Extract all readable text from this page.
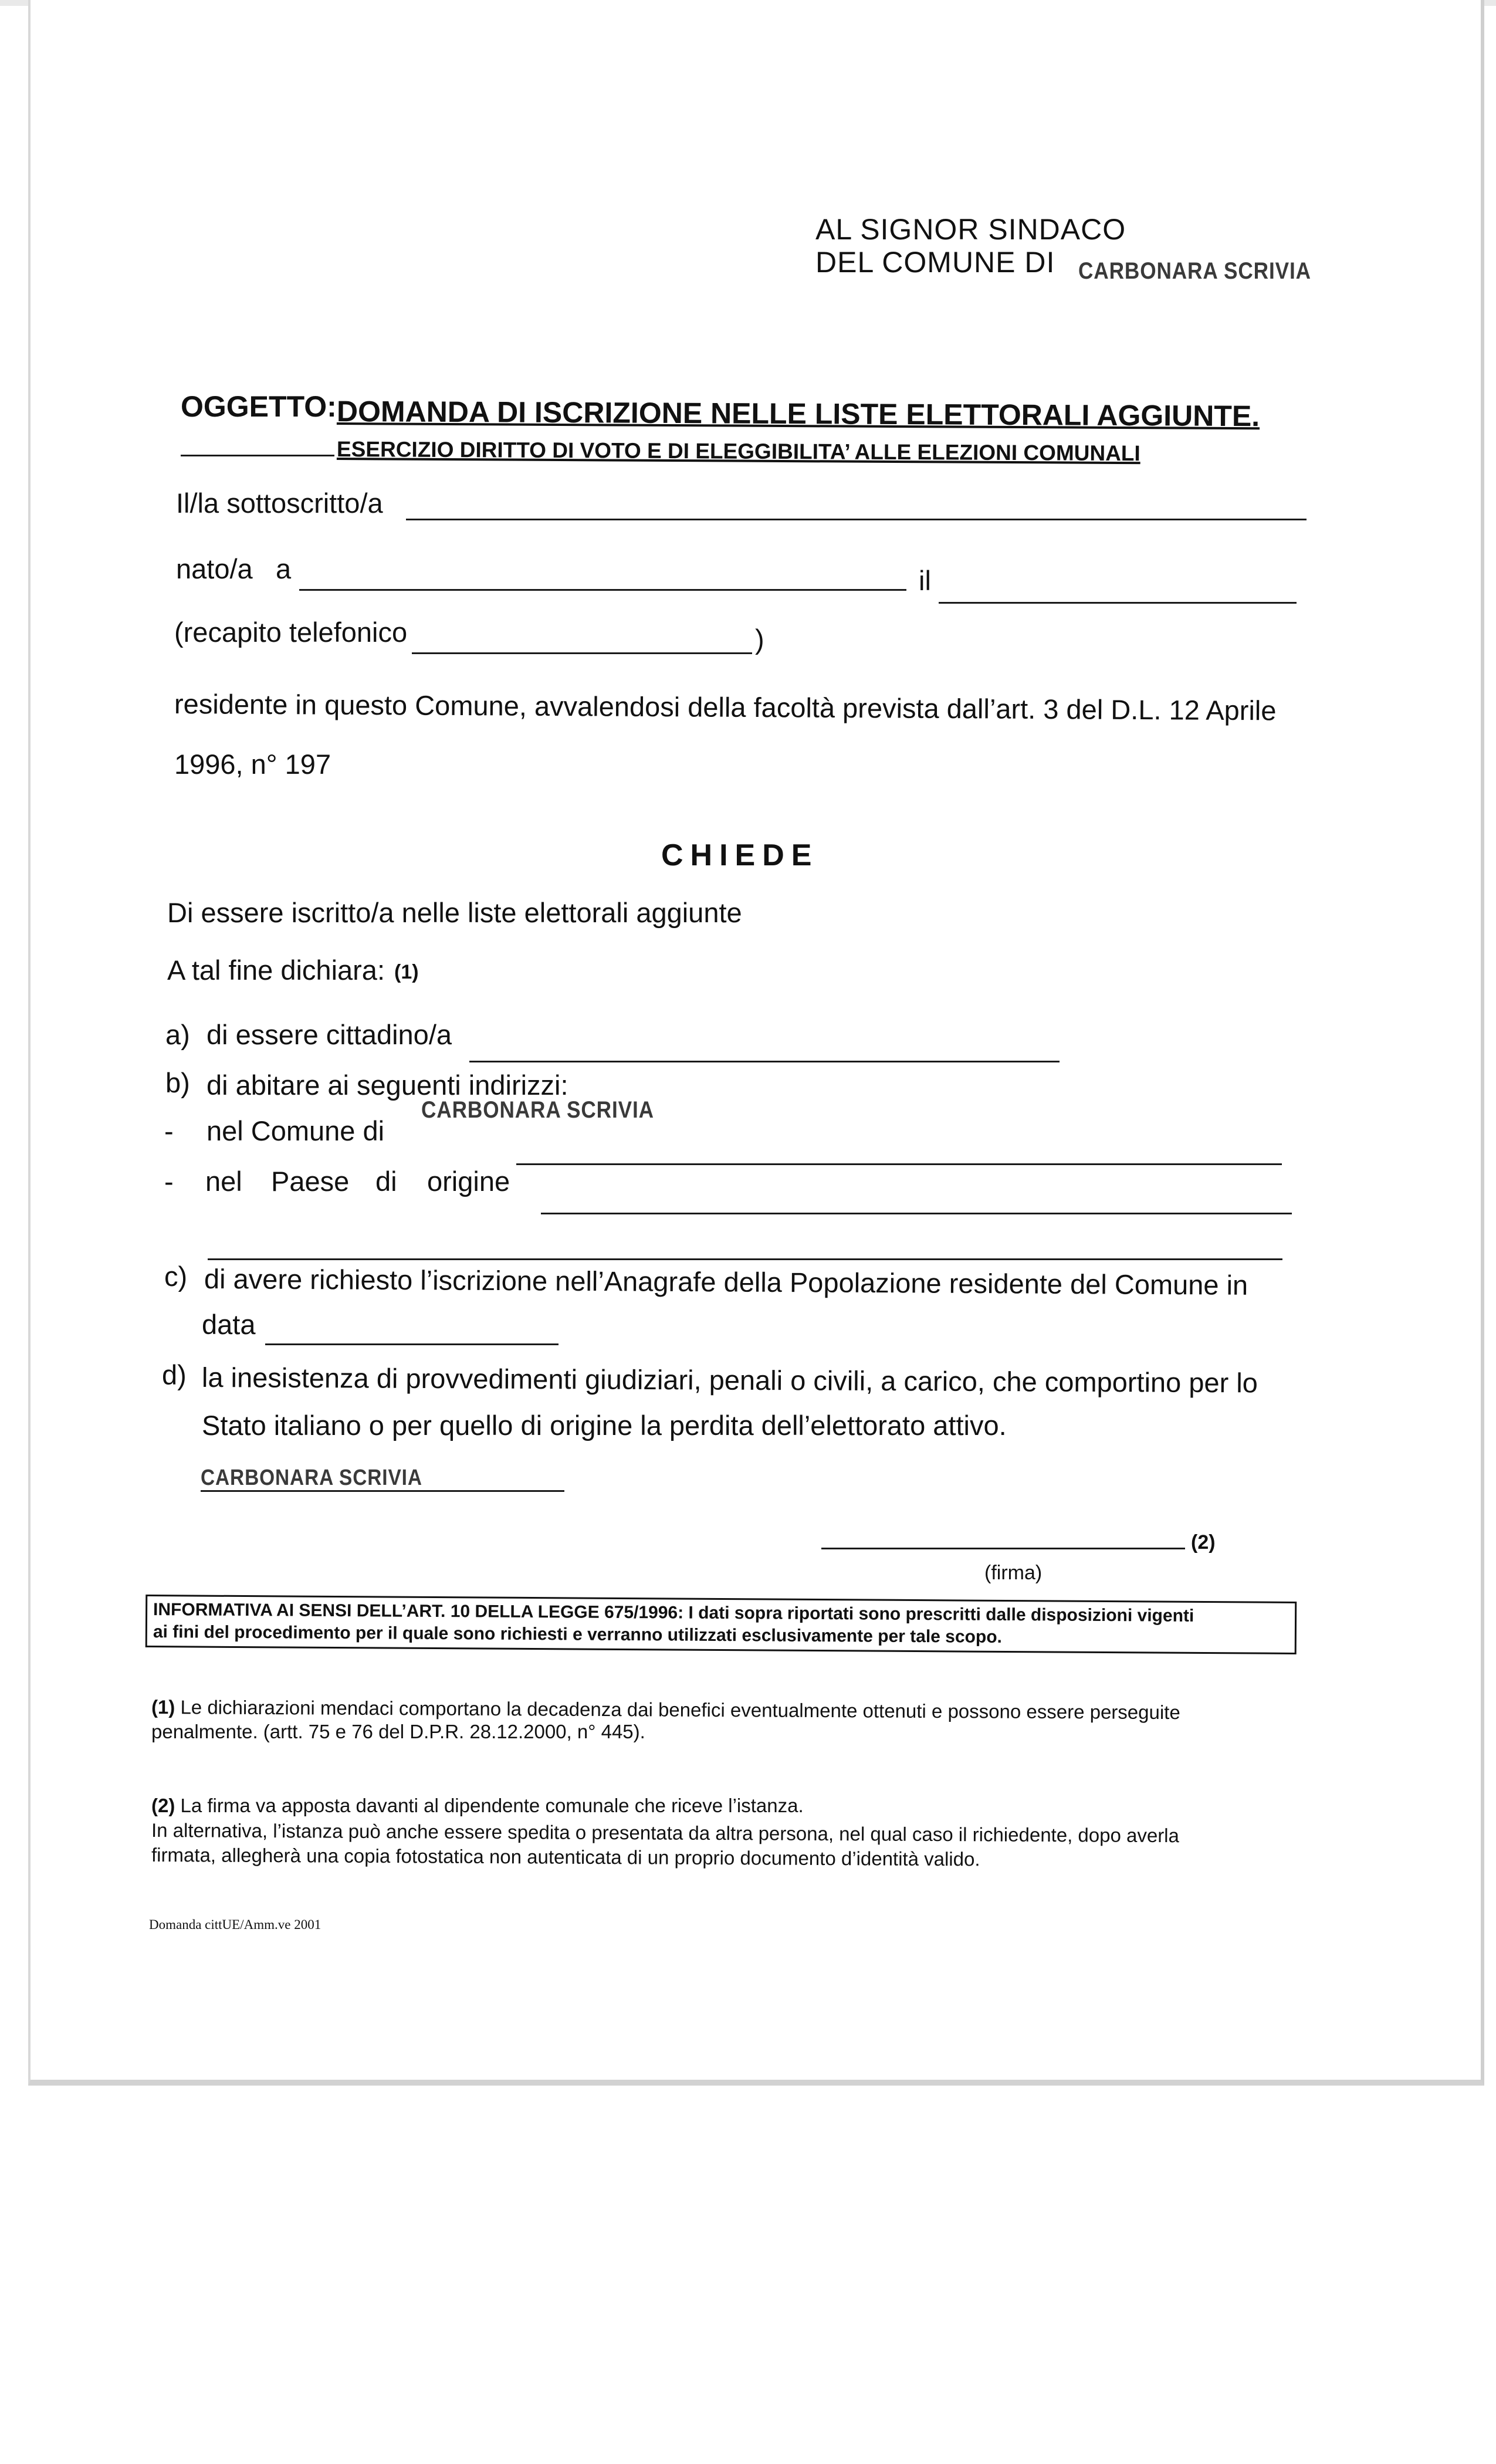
AL SIGNOR SINDACO
DEL COMUNE DI CARBONARA SCRIVIA
OGGETTO: DOMANDA DI ISCRIZIONE NELLE LISTE ELETTORALI AGGIUNTE.
ESERCIZIO DIRITTO DI VOTO E DI ELEGGIBILITA’ ALLE ELEZIONI COMUNALI
Il/la sottoscritto/a
nato/a a	il
(recapito telefonico	)
residente in questo Comune, avvalendosi della facoltà prevista dall’art. 3 del D.L. 12 Aprile
1996, n° 197
CHIEDE
Di essere iscritto/a nelle liste elettorali aggiunte
A tal fine dichiara: (1)
a) di essere cittadino/a
b) di abitare ai seguenti indirizzi:
- nel Comune di
CARBONARA SCRIVIA
- nel Paese di origine
c) di avere richiesto l’iscrizione nell’Anagrafe della Popolazione residente del Comune in
data
d) la inesistenza di provvedimenti giudiziari, penali o civili, a carico, che comportino per lo
Stato italiano o per quello di origine la perdita dell’elettorato attivo.
CARBONARA SCRIVIA
(2)
(firma)
INFORMATIVA AI SENSI DELL’ART. 10 DELLA LEGGE 675/1996: I dati sopra riportati sono prescritti dalle disposizioni vigenti
ai fini del procedimento per il quale sono richiesti e verranno utilizzati esclusivamente per tale scopo.
(1) Le dichiarazioni mendaci comportano la decadenza dai benefici eventualmente ottenuti e possono essere perseguite
penalmente. (artt. 75 e 76 del D.P.R. 28.12.2000, n° 445).
(2) La firma va apposta davanti al dipendente comunale che riceve l’istanza.
In alternativa, l’istanza può anche essere spedita o presentata da altra persona, nel qual caso il richiedente, dopo averla
firmata, allegherà una copia fotostatica non autenticata di un proprio documento d’identità valido.
Domanda cittUE/Amm.ve 2001
